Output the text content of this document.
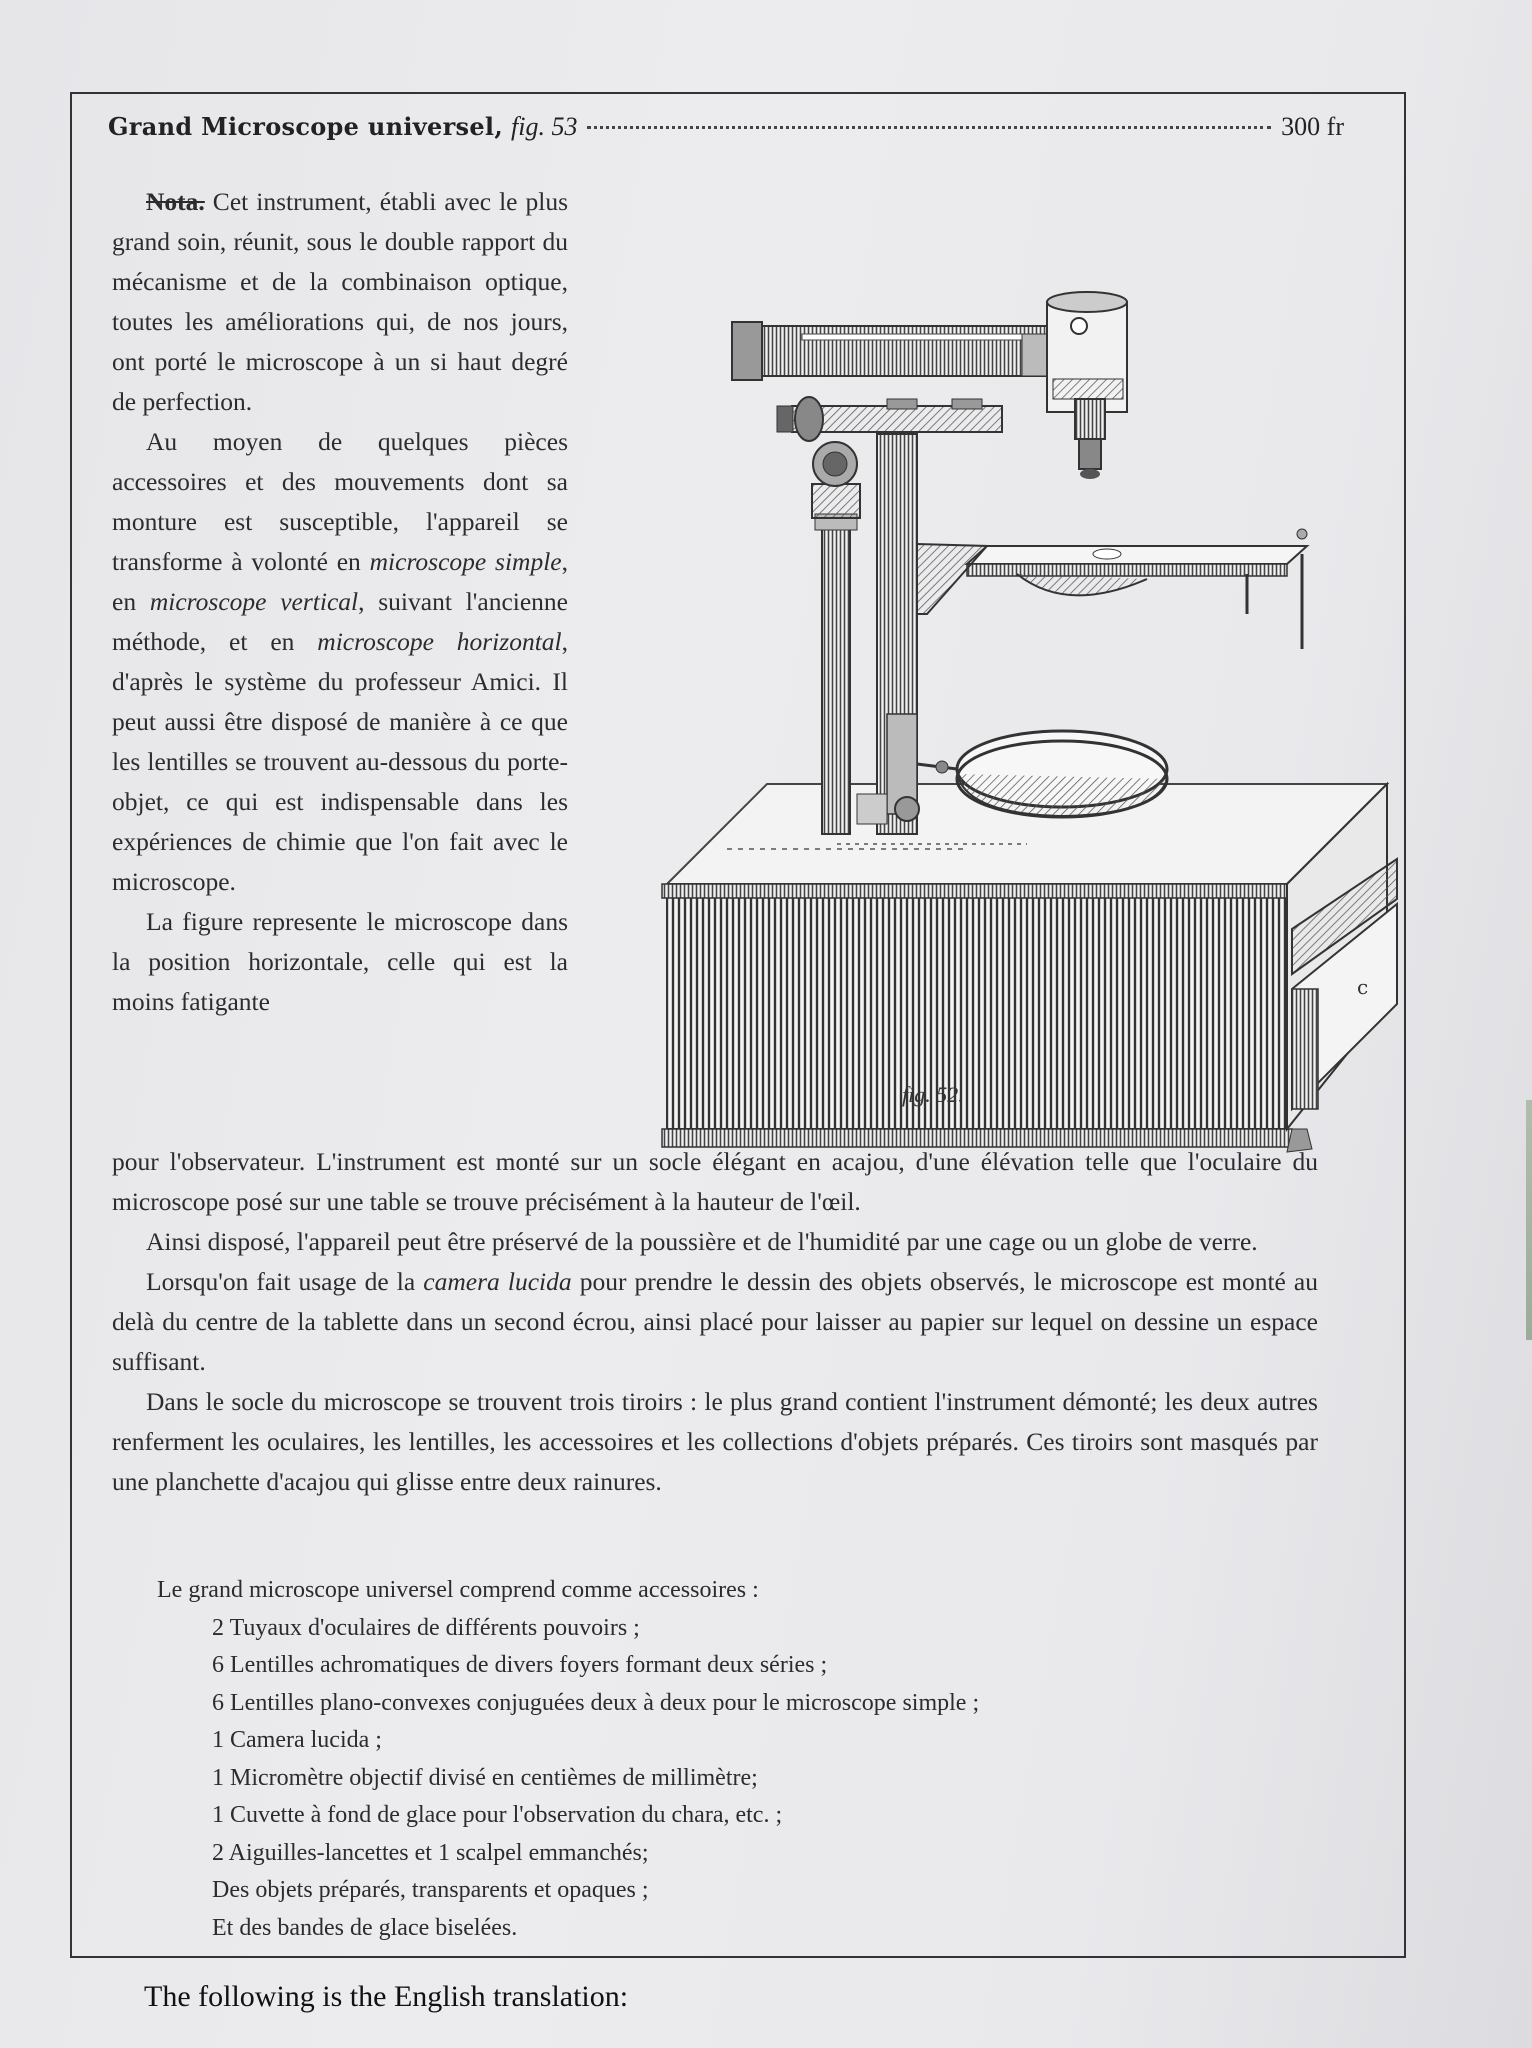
Grand Microscope universel, fig. 53	300 fr

Nota. Cet instrument, établi avec le plus grand soin, réunit, sous le double rapport du mécanisme et de la combinaison optique, toutes les améliorations qui, de nos jours, ont porté le microscope à un si haut degré de perfection.

Au moyen de quelques pièces accessoires et des mouvements dont sa monture est susceptible, l'appareil se transforme à volonté en microscope simple, en microscope vertical, suivant l'ancienne méthode, et en microscope horizontal, d'après le système du professeur Amici. Il peut aussi être disposé de manière à ce que les lentilles se trouvent au-dessous du porte-objet, ce qui est indispensable dans les expériences de chimie que l'on fait avec le microscope.

La figure represente le microscope dans la position horizontale, celle qui est la moins fatigante	c
fig. 52.

pour l'observateur. L'instrument est monté sur un socle élégant en acajou, d'une élévation telle que l'oculaire du microscope posé sur une table se trouve précisément à la hauteur de l'œil.

Ainsi disposé, l'appareil peut être préservé de la poussière et de l'humidité par une cage ou un globe de verre.

Lorsqu'on fait usage de la camera lucida pour prendre le dessin des objets observés, le microscope est monté au delà du centre de la tablette dans un second écrou, ainsi placé pour laisser au papier sur lequel on dessine un espace suffisant.

Dans le socle du microscope se trouvent trois tiroirs : le plus grand contient l'instrument démonté; les deux autres renferment les oculaires, les lentilles, les accessoires et les collections d'objets préparés. Ces tiroirs sont masqués par une planchette d'acajou qui glisse entre deux rainures.

Le grand microscope universel comprend comme accessoires :
2 Tuyaux d'oculaires de différents pouvoirs ;
6 Lentilles achromatiques de divers foyers formant deux séries ;
6 Lentilles plano-convexes conjuguées deux à deux pour le microscope simple ;
1 Camera lucida ;
1 Micromètre objectif divisé en centièmes de millimètre;
1 Cuvette à fond de glace pour l'observation du chara, etc. ;
2 Aiguilles-lancettes et 1 scalpel emmanchés;
Des objets préparés, transparents et opaques ;
Et des bandes de glace biselées.
The following is the English translation:
